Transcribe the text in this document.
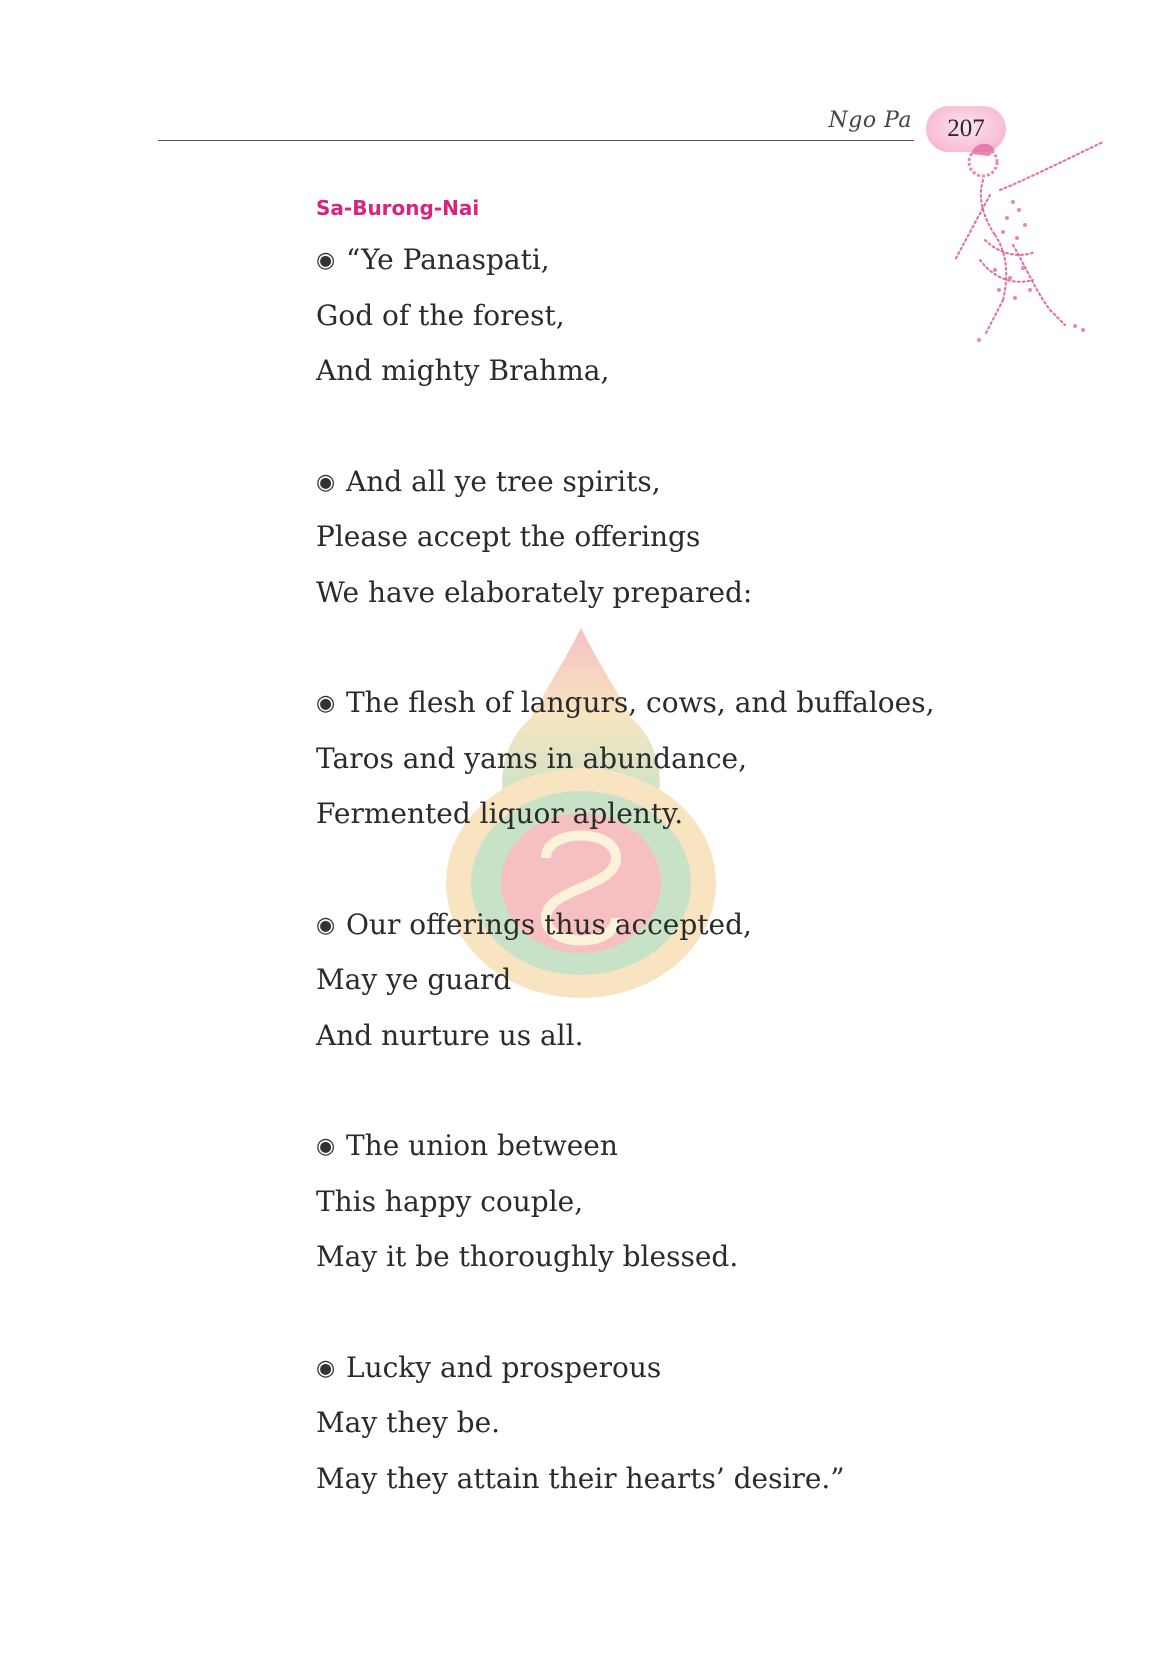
Ngo Pa 207
Sa-Burong-Nai
◉ “Ye Panaspati,
God of the forest,
And mighty Brahma,
◉ And all ye tree spirits,
Please accept the offerings
We have elaborately prepared:
◉ The flesh of langurs, cows, and buffaloes,
Taros and yams in abundance,
Fermented liquor aplenty.
◉ Our offerings thus accepted,
May ye guard
And nurture us all.
◉ The union between
This happy couple,
May it be thoroughly blessed.
◉ Lucky and prosperous
May they be.
May they attain their hearts’ desire.”
